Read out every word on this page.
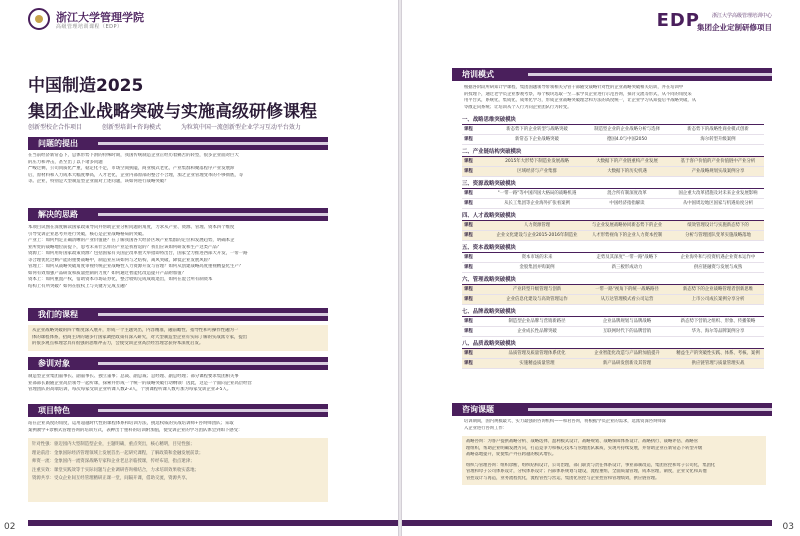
浙江大学管理学院
高级管理培训课程（EDP）
中国制造2025
集团企业战略突破与实施高级研修课程
创新型校企合作项目	创新型培训+咨询模式	为粒筑中国一流创新型企业学习互动平台效力
问题的提出
在当前经济新常态下，总体形势下滑的特殊时期，我国传统制造企业正经历着痛苦的转型，很多企业面对巨大
的压力和冲击，甚至出了以下诸多问题
严峻过剩，公司同质化严重，稳定化不足，市场空间狭隘，商业模式老化，产业集群和聚落程序产业发展滞
后，原材料和人力成本大幅度攀高，人才老化，企业内部原部的整合不合理，加之企业管理变革的不够彻底，等
等。企业，特别是大型制造型企业面对上述问题，该如何进行战略突破？
解决的思路
本项目试图在深度解读国家政策导向并帮助企业分析问题的角度，力求从产业、资源、管理、资本四个维度
引导受训企业思考并进行突破，核心是企业战略格局的突破。
产业上：如何判定正确清晰的产业价值链？在了解我国各大经济区域产业集群的定位和发展趋势，明确本企
业所处的战略地位前提下，思考未来什么样的产业是我看返的？我们应该如何研发和生产这类产品？
资源上：如何用好国家政策资源？包括国家有关国企改革重大举措即将出台，国家全力推进西部大开发，一带一路
等合理优化过剩产能的重要战略中，制造业应该如何与之结构，离风突破，降低企业发展风险？
管理上：如何从战略突破角度审视传统企业战略性人力资源开发与管理？如何从创建战略高度重视精益化生产？
如何有效加强产品研发和质量控制的力度？如何通过智能化改造提升产品附加值？
资本上：如何重置产权，借助资本市场证券化，整合收购完成成或退出，如何在混合所有制资本
结构上有所突破？如何在股权上与关键方完成互融？
我们的课程
从企业战略突破的四个维度深入展开，形成一个主题突出，内容精准，融前瞻性、指导性和可操作性融为一
体的课程体系，招商主讲的通多行国家调控政策有深入研究，对大型制造型企业有实际了解的实战派专家，提出
的很多观点和理念具有很强的思维冲击力，会使受训企业高层经营理念获得本深度启发。
参训对象
制造型企业集团董事长、副董事长、独立董事；总裁、副总裁；总经理、副总经理；部分课程要求集团相关事
业部部长跟随企业高层领导一起听课，探索并形成一个统一的战略突破行动纲领！因此，这是一个面向企业高层经营
管理团队的高端培训，每次每家受训企业听课人数2-3人，个别课程听课人数可加为每家受训企业3-5人。
项目特色
站在企业高度的角度，运用超越时代性的课程体系和培训方法，挑选权威的实战培训师+咨询师团队；采取
案例教学+诊断式管理咨询的培训方式，表种出于重科的培训附加值，使受训企业的学习团队体会到如下感受：
针对性强：驱迈园内大型制造型企业，主题明确，重点突出，核心精明，目见性强；
理论前沿：金象国际经济管理领域上发展首出一起研究课程，了解政策和金融发展前景；
师资一流：金象国内一流资深战略专家和企业老总亲临授课，传经布道，指点迷津；
注重实效：课堂实践效等于实际问题与企业调研咨询相结合，力求培训效果收实落地；
资源共享：受众企业间互经管理精研正课一堂，间隔开课，借助交流，资源共享。
02
EDP 浙江大学高级管理培训中心
集团企业定制研修项目
培训模式
根据各阶段所研知计学课程，集团国题领导带领相关分管干部随受战略针对性的企业战略突破相关培训，并在培训中
的授理下，通过老学员企业参观考察，每个模块选取一至二家学员企业进行示范咨询，探讨交流等形式，从不同的角度采
用平台式，系统化，集成化，成果化学习，形成企业战略突破理念和方法的高度统一，让企业学习从知提后平战略突破，从
零散走向系统；让培训从个人行为向企业团队行为转变。
一、战略思维突破模块
课程	新态势下的企业转型与战略突破	制造型企业的企业战略分析与选择	新态势下的战略性商业模式创新
课程	新常态下企业战略突破	德国4.0与中国2050	海尔转型升级案例
二、产业链结构突破模块
课程	2015年大形势下制造业发展战略	大数据下的产业链重构产业发展	基于客户价值的产业价值链中产业分析
课程	区域经济与产业集群	大数据下的历史机遇	产业战略规划实战案例分享
三、资源战略突破模块
课程	"一带一路"等中国四国大格局的战略机遇	混合所有制深度改革	国企重大改革措施及对未来企业发展影响
课程	从长工集团等企业海外扩张看案例	中国经济指指解读	从中国周边地区国家与机遇角度分析
四、人才战略突破模块
课程	人力资源管理	与企业发展战略协同新态势下的企业	绩效管理设计与实施新态势下的
课程	企业文化建设与企业2015-2016年制造业	人才形势视角下的企业人力资本控制	分析与管理团队变革实施战略落地
五、资本战略突破模块
课程	资本市场的未来	走势及其深度"一带一路"战略下	企业海外和与投资机遇企业资本运作中
课程	金股集团并购案例	新三板形成动力	供应链融资与发展与成熟
六、管理战略突破模块
课程	产业转型升级管理与创新	一带一路"视角下的统一战略路径	新态势下的企业战略管理者创新思维
课程	企业信息化建设与高效管理运作	从万达管理模式看公司运营	上市公司成长案例分享分析
七、品牌战略突破模块
课程	制造型企业品牌与营销新路径	企业品牌规划与品牌战略	新态势下营销之组织、形象、传播策略
课程	企业成长性品牌突破	互联网时代下的品牌营销	华为、海尔等品牌案例分享
八、品质战略突破模块
课程	品质管理及质量管理体系优化	企业智能化改造与产品附加值提升	精益生产的突破性实践、体系、考核、案例
课程	实施精益质量管理	新产品研发创新及其管理	供应链管理与质量管理实战
咨询课题
培训期间，国内规模最大、实力最强的咨询机构——和君咨询，将根据学员企业的需求，选派资深咨询师深
入企业进行咨询工作：
战略咨询：为客户提供战略分析、战略选择、盈利模式设计、战略规划、战略保障体系设计、战略执行、战略评估、战略管
理组织，帮助企业明确发展方向，打造竞争力和核心技术与管理团队素质，实现可持续发展，并帮助企业在新常态下转型升级
战略落地提升，促使集产外在跨越的模式增长。
组织与管理咨询：组织诊断，组织结构设计，公司治理，部门职责与责任体系设计，事业部制改造，集团管控和母子公司化，集团化
管理和母子公司体系设计，分权体系设计；内部体系规划与建设，流程重组，全面质量管理，成本管理，制度，企业文化和其他
管控设计与再造，业务流程优化，流程管控与营运，集团化管控与企业控管和管理绩效，供应链管理。
03
